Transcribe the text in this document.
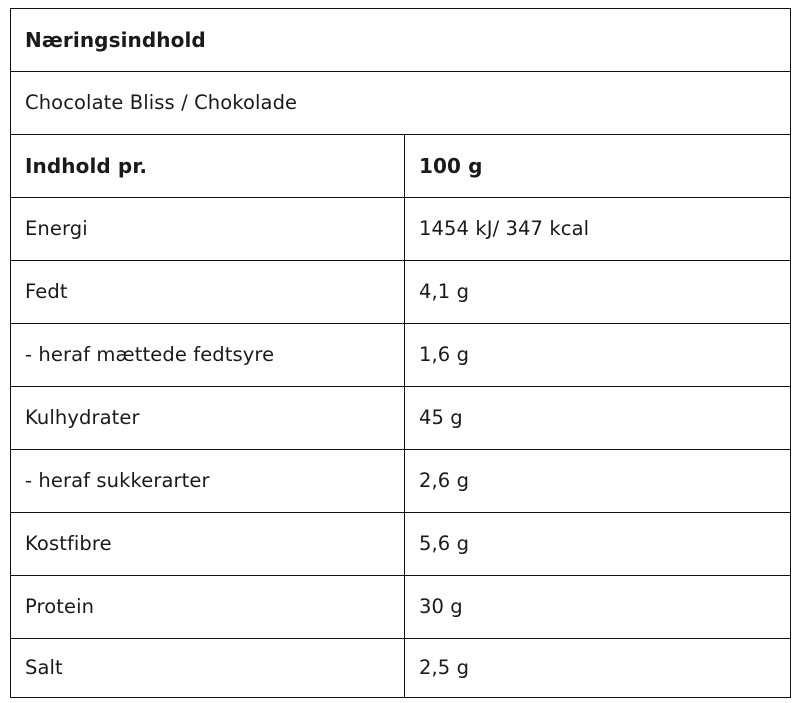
Næringsindhold	
Chocolate Bliss / Chokolade	
Indhold pr.	100 g
Energi	1454 kJ/ 347 kcal
Fedt	4,1 g
- heraf mættede fedtsyre	1,6 g
Kulhydrater	45 g
- heraf sukkerarter	2,6 g
Kostfibre	5,6 g
Protein	30 g
Salt	2,5 g
